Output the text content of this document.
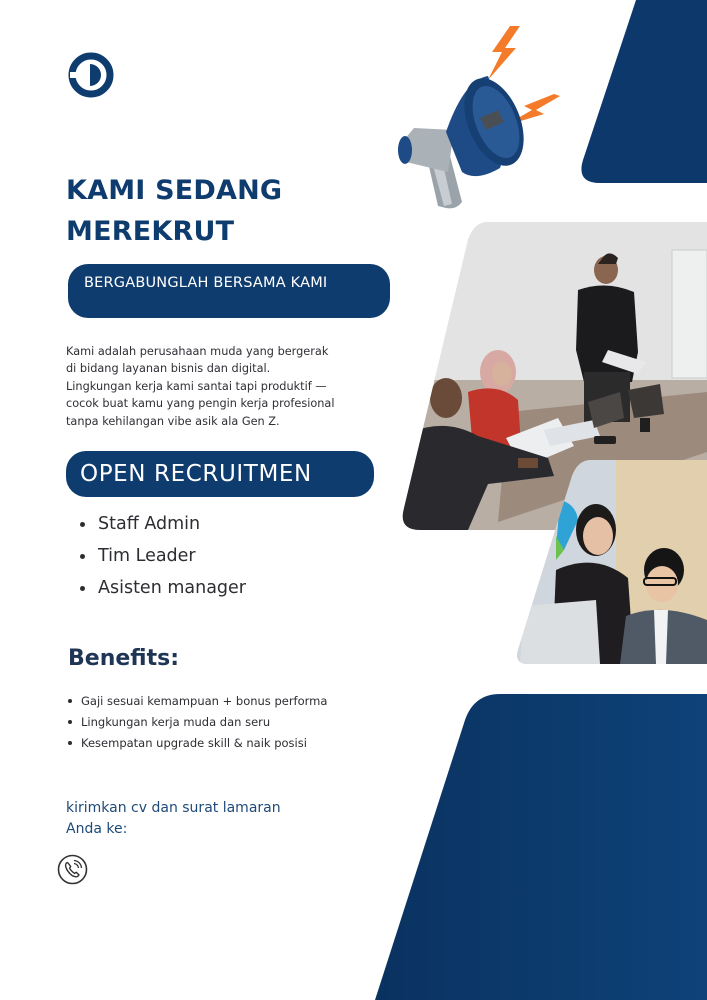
KAMI SEDANG
MEREKRUT
BERGABUNGLAH BERSAMA KAMI
Kami adalah perusahaan muda yang bergerak
di bidang layanan bisnis dan digital.
Lingkungan kerja kami santai tapi produktif —
cocok buat kamu yang pengin kerja profesional
tanpa kehilangan vibe asik ala Gen Z.
OPEN RECRUITMEN
Staff Admin
Tim Leader
Asisten manager
Benefits:
Gaji sesuai kemampuan + bonus performa
Lingkungan kerja muda dan seru
Kesempatan upgrade skill & naik posisi
kirimkan cv dan surat lamaran
Anda ke:
